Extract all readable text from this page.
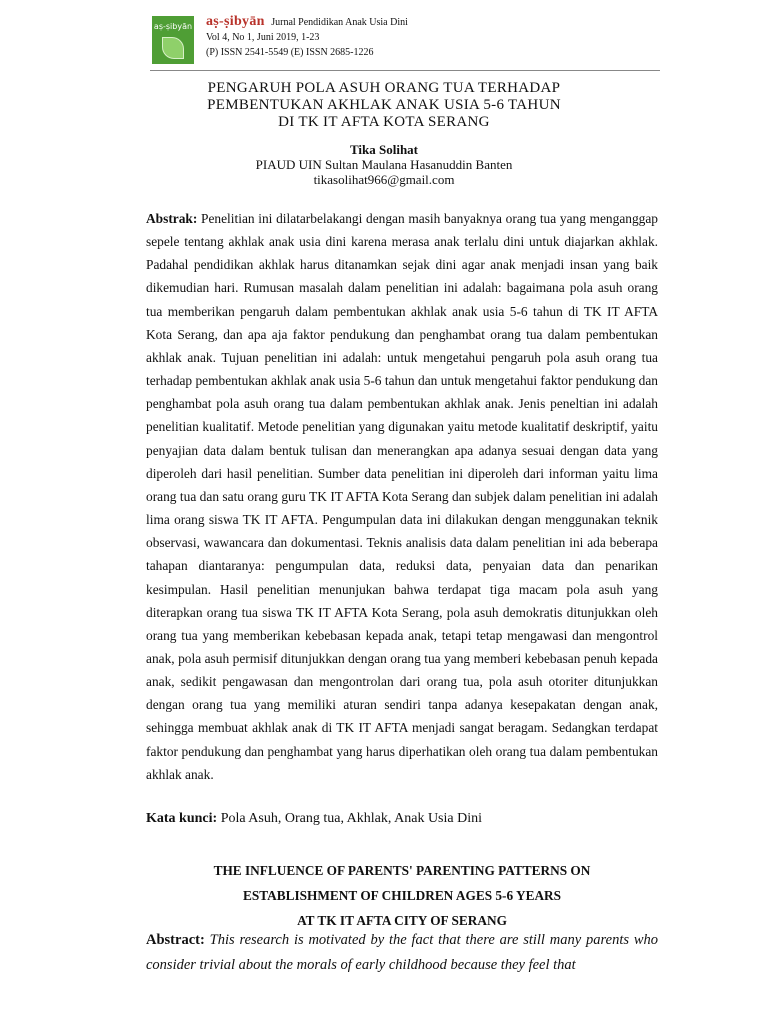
aṣ-ṣibyān aṣ-ṣibyān Jurnal Pendidikan Anak Usia Dini
Vol 4, No 1, Juni 2019, 1-23
(P) ISSN 2541-5549 (E) ISSN 2685-1226
PENGARUH POLA ASUH ORANG TUA TERHADAP
PEMBENTUKAN AKHLAK ANAK USIA 5-6 TAHUN
DI TK IT AFTA KOTA SERANG
Tika Solihat
PIAUD UIN Sultan Maulana Hasanuddin Banten
tikasolihat966@gmail.com

Abstrak: Penelitian ini dilatarbelakangi dengan masih banyaknya orang tua yang menganggap sepele tentang akhlak anak usia dini karena merasa anak terlalu dini untuk diajarkan akhlak. Padahal pendidikan akhlak harus ditanamkan sejak dini agar anak menjadi insan yang baik dikemudian hari. Rumusan masalah dalam penelitian ini adalah: bagaimana pola asuh orang tua memberikan pengaruh dalam pembentukan akhlak anak usia 5-6 tahun di TK IT AFTA Kota Serang, dan apa aja faktor pendukung dan penghambat orang tua dalam pembentukan akhlak anak. Tujuan penelitian ini adalah: untuk mengetahui pengaruh pola asuh orang tua terhadap pembentukan akhlak anak usia 5-6 tahun dan untuk mengetahui faktor pendukung dan penghambat pola asuh orang tua dalam pembentukan akhlak anak. Jenis peneltian ini adalah penelitian kualitatif. Metode penelitian yang digunakan yaitu metode kualitatif deskriptif, yaitu penyajian data dalam bentuk tulisan dan menerangkan apa adanya sesuai dengan data yang diperoleh dari hasil penelitian. Sumber data penelitian ini diperoleh dari informan yaitu lima orang tua dan satu orang guru TK IT AFTA Kota Serang dan subjek dalam penelitian ini adalah lima orang siswa TK IT AFTA. Pengumpulan data ini dilakukan dengan menggunakan teknik observasi, wawancara dan dokumentasi. Teknis analisis data dalam penelitian ini ada beberapa tahapan diantaranya: pengumpulan data, reduksi data, penyaian data dan penarikan kesimpulan. Hasil penelitian menunjukan bahwa terdapat tiga macam pola asuh yang diterapkan orang tua siswa TK IT AFTA Kota Serang, pola asuh demokratis ditunjukkan oleh orang tua yang memberikan kebebasan kepada anak, tetapi tetap mengawasi dan mengontrol anak, pola asuh permisif ditunjukkan dengan orang tua yang memberi kebebasan penuh kepada anak, sedikit pengawasan dan mengontrolan dari orang tua, pola asuh otoriter ditunjukkan dengan orang tua yang memiliki aturan sendiri tanpa adanya kesepakatan dengan anak, sehingga membuat akhlak anak di TK IT AFTA menjadi sangat beragam. Sedangkan terdapat faktor pendukung dan penghambat yang harus diperhatikan oleh orang tua dalam pembentukan akhlak anak.

Kata kunci: Pola Asuh, Orang tua, Akhlak, Anak Usia Dini
THE INFLUENCE OF PARENTS' PARENTING PATTERNS ON
ESTABLISHMENT OF CHILDREN AGES 5-6 YEARS
AT TK IT AFTA CITY OF SERANG

Abstract: This research is motivated by the fact that there are still many parents who consider trivial about the morals of early childhood because they feel that
